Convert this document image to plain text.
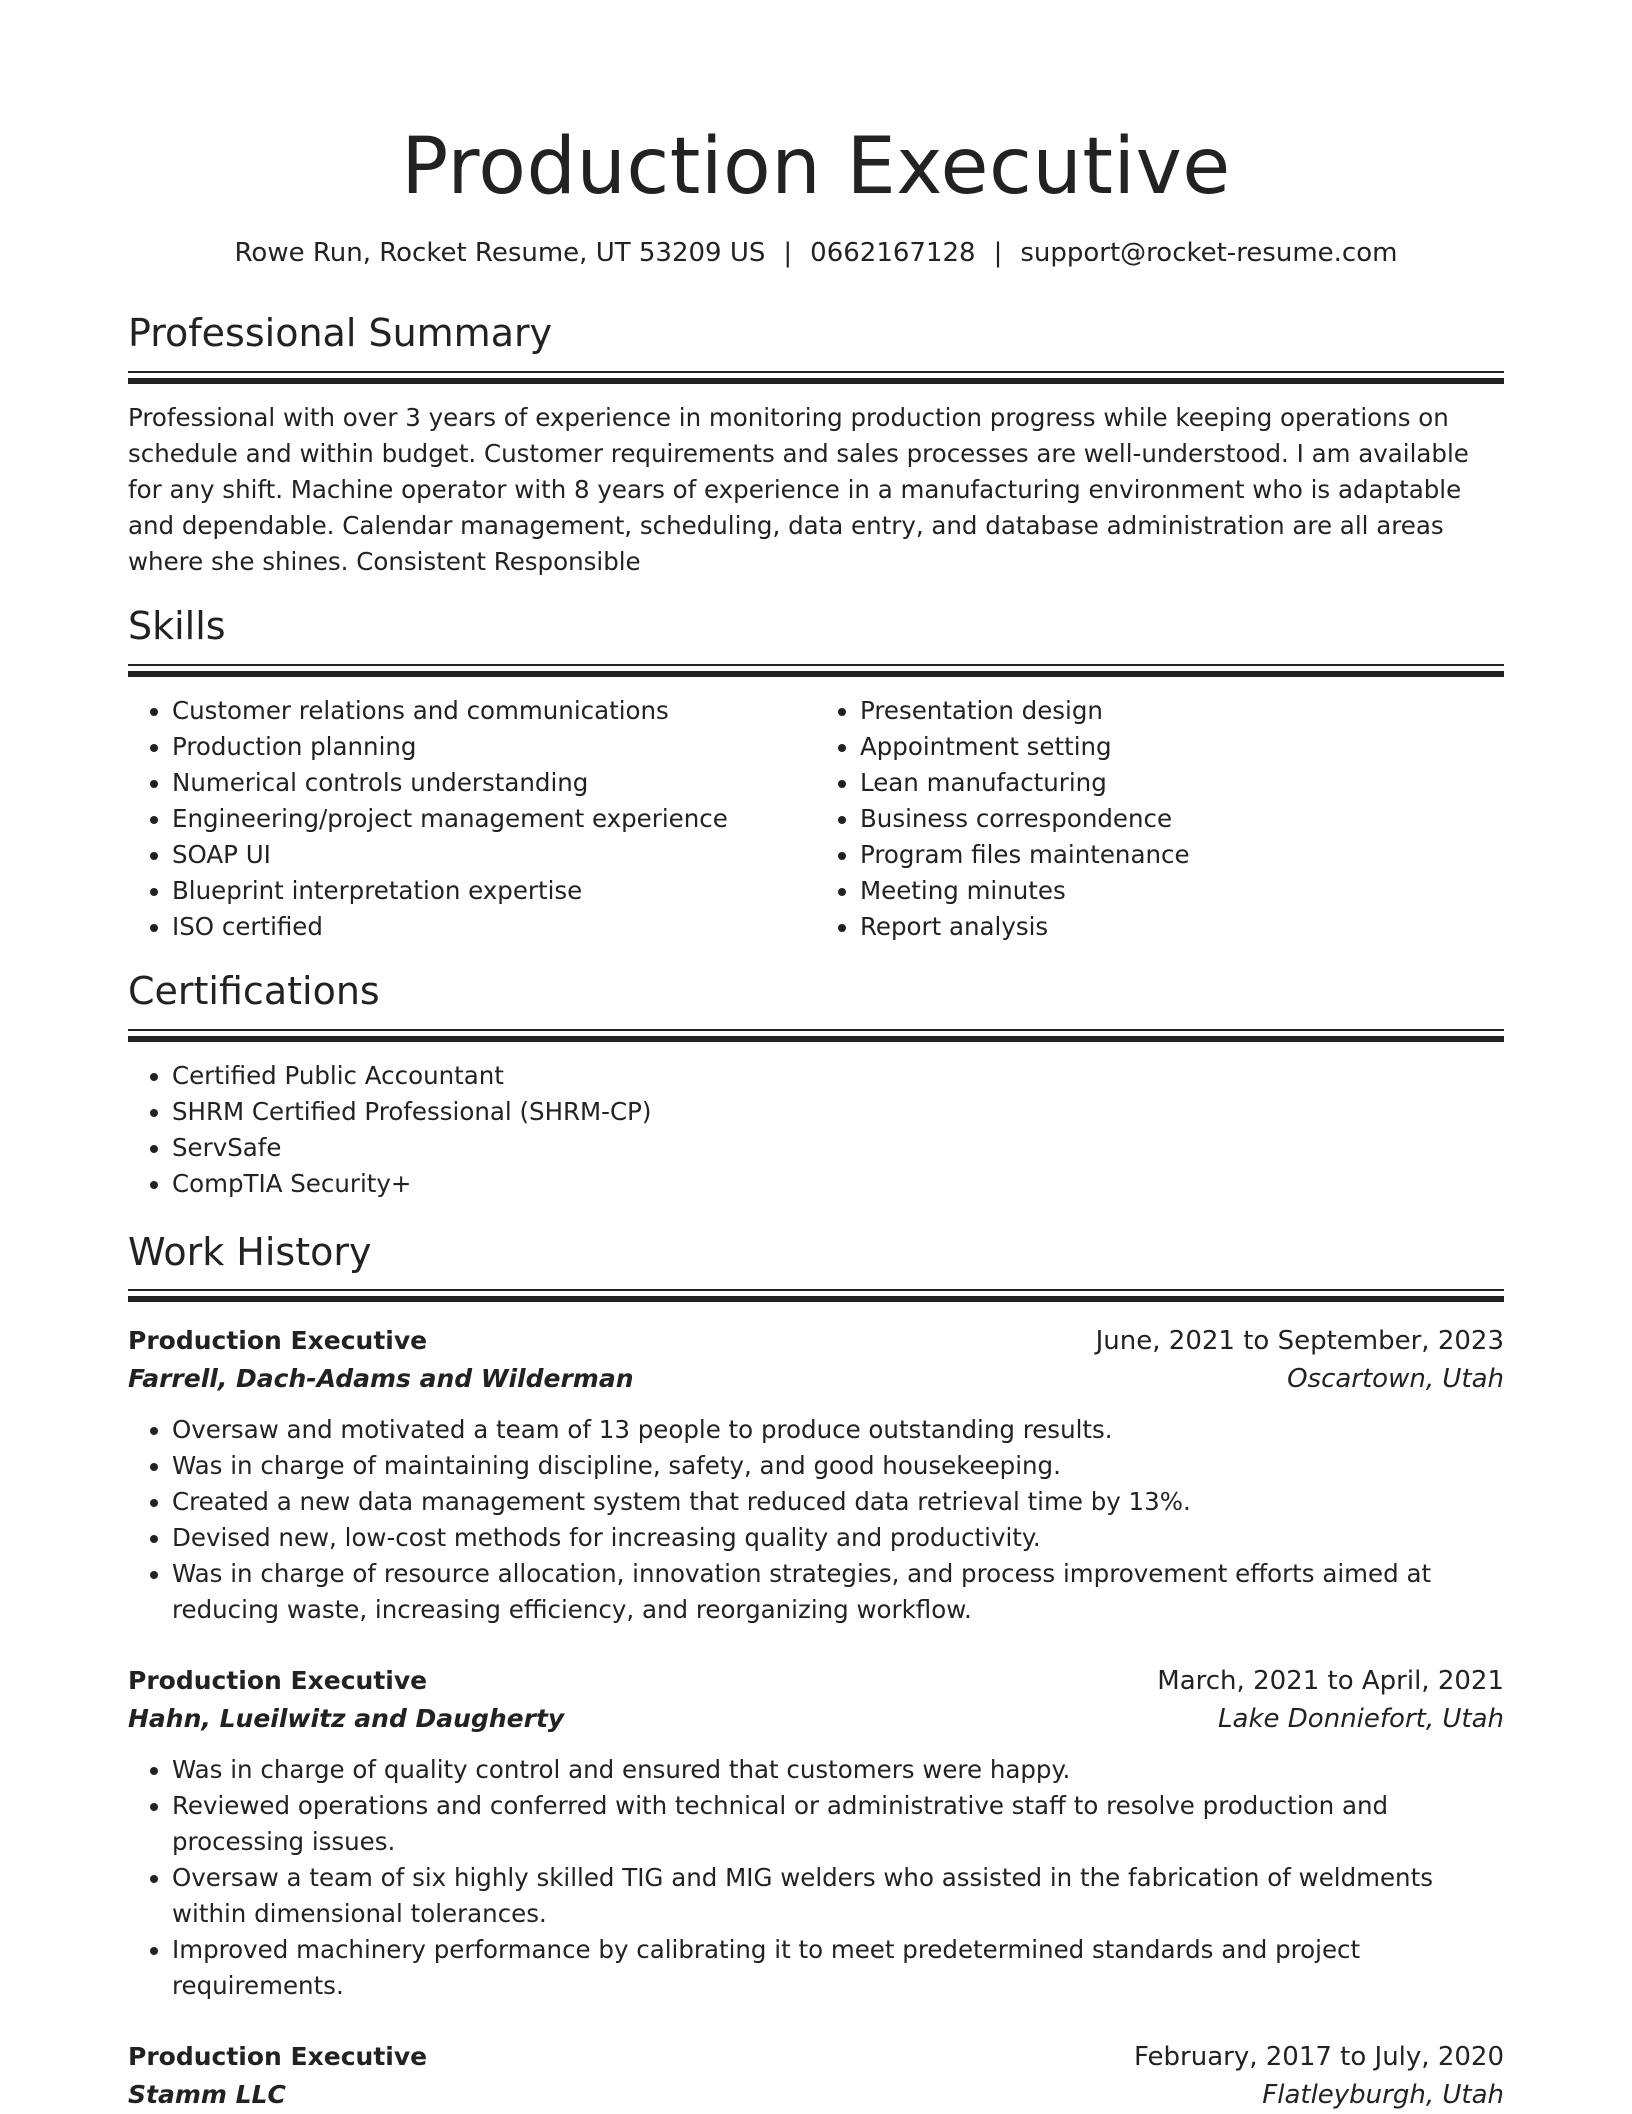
Production Executive
Rowe Run, Rocket Resume, UT 53209 US | 0662167128 | support@rocket-resume.com
Professional Summary

Professional with over 3 years of experience in monitoring production progress while keeping operations on schedule and within budget. Customer requirements and sales processes are well-understood. I am available for any shift. Machine operator with 8 years of experience in a manufacturing environment who is adaptable and dependable. Calendar management, scheduling, data entry, and database administration are all areas where she shines. Consistent Responsible

Skills
• Customer relations and communications
• Production planning
• Numerical controls understanding
• Engineering/project management experience
• SOAP UI
• Blueprint interpretation expertise
• ISO certified
• Presentation design
• Appointment setting
• Lean manufacturing
• Business correspondence
• Program files maintenance
• Meeting minutes
• Report analysis
Certifications
• Certified Public Accountant
• SHRM Certified Professional (SHRM-CP)
• ServSafe
• CompTIA Security+
Work History
Production Executive	June, 2021 to September, 2023
Farrell, Dach-Adams and Wilderman	Oscartown, Utah
• Oversaw and motivated a team of 13 people to produce outstanding results.
• Was in charge of maintaining discipline, safety, and good housekeeping.
• Created a new data management system that reduced data retrieval time by 13%.
• Devised new, low-cost methods for increasing quality and productivity.
• Was in charge of resource allocation, innovation strategies, and process improvement efforts aimed at reducing waste, increasing efficiency, and reorganizing workflow.
Production Executive	March, 2021 to April, 2021
Hahn, Lueilwitz and Daugherty	Lake Donniefort, Utah
• Was in charge of quality control and ensured that customers were happy.
• Reviewed operations and conferred with technical or administrative staff to resolve production and processing issues.
• Oversaw a team of six highly skilled TIG and MIG welders who assisted in the fabrication of weldments within dimensional tolerances.
• Improved machinery performance by calibrating it to meet predetermined standards and project requirements.
Production Executive	February, 2017 to July, 2020
Stamm LLC	Flatleyburgh, Utah
